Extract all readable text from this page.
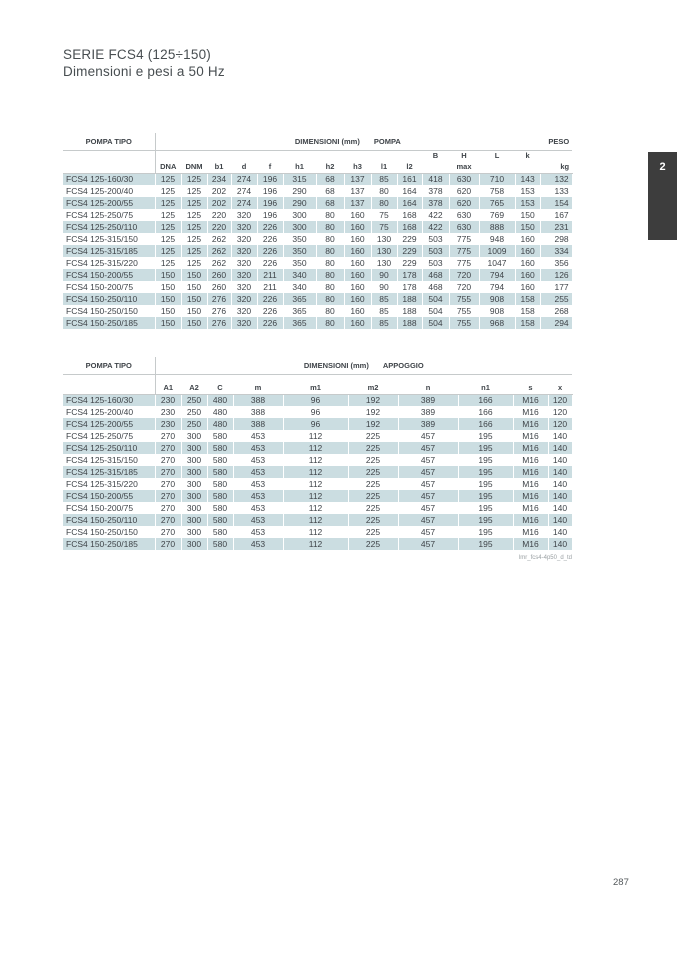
2
SERIE FCS4 (125÷150)
Dimensioni e pesi a 50 Hz
POMPA TIPO	DIMENSIONI (mm) POMPA														PESO
											B	H	L	k	
	DNA	DNM	b1	d	f	h1	h2	h3	l1	l2		max			kg
FCS4 125-160/30	125	125	234	274	196	315	68	137	85	161	418	630	710	143	132
FCS4 125-200/40	125	125	202	274	196	290	68	137	80	164	378	620	758	153	133
FCS4 125-200/55	125	125	202	274	196	290	68	137	80	164	378	620	765	153	154
FCS4 125-250/75	125	125	220	320	196	300	80	160	75	168	422	630	769	150	167
FCS4 125-250/110	125	125	220	320	226	300	80	160	75	168	422	630	888	150	231
FCS4 125-315/150	125	125	262	320	226	350	80	160	130	229	503	775	948	160	298
FCS4 125-315/185	125	125	262	320	226	350	80	160	130	229	503	775	1009	160	334
FCS4 125-315/220	125	125	262	320	226	350	80	160	130	229	503	775	1047	160	356
FCS4 150-200/55	150	150	260	320	211	340	80	160	90	178	468	720	794	160	126
FCS4 150-200/75	150	150	260	320	211	340	80	160	90	178	468	720	794	160	177
FCS4 150-250/110	150	150	276	320	226	365	80	160	85	188	504	755	908	158	255
FCS4 150-250/150	150	150	276	320	226	365	80	160	85	188	504	755	908	158	268
FCS4 150-250/185	150	150	276	320	226	365	80	160	85	188	504	755	968	158	294
POMPA TIPO	DIMENSIONI (mm) APPOGGIO									
	A1	A2	C	m	m1	m2	n	n1	s	x
FCS4 125-160/30	230	250	480	388	96	192	389	166	M16	120
FCS4 125-200/40	230	250	480	388	96	192	389	166	M16	120
FCS4 125-200/55	230	250	480	388	96	192	389	166	M16	120
FCS4 125-250/75	270	300	580	453	112	225	457	195	M16	140
FCS4 125-250/110	270	300	580	453	112	225	457	195	M16	140
FCS4 125-315/150	270	300	580	453	112	225	457	195	M16	140
FCS4 125-315/185	270	300	580	453	112	225	457	195	M16	140
FCS4 125-315/220	270	300	580	453	112	225	457	195	M16	140
FCS4 150-200/55	270	300	580	453	112	225	457	195	M16	140
FCS4 150-200/75	270	300	580	453	112	225	457	195	M16	140
FCS4 150-250/110	270	300	580	453	112	225	457	195	M16	140
FCS4 150-250/150	270	300	580	453	112	225	457	195	M16	140
FCS4 150-250/185	270	300	580	453	112	225	457	195	M16	140
lmr_fcs4-4p50_d_td
287
